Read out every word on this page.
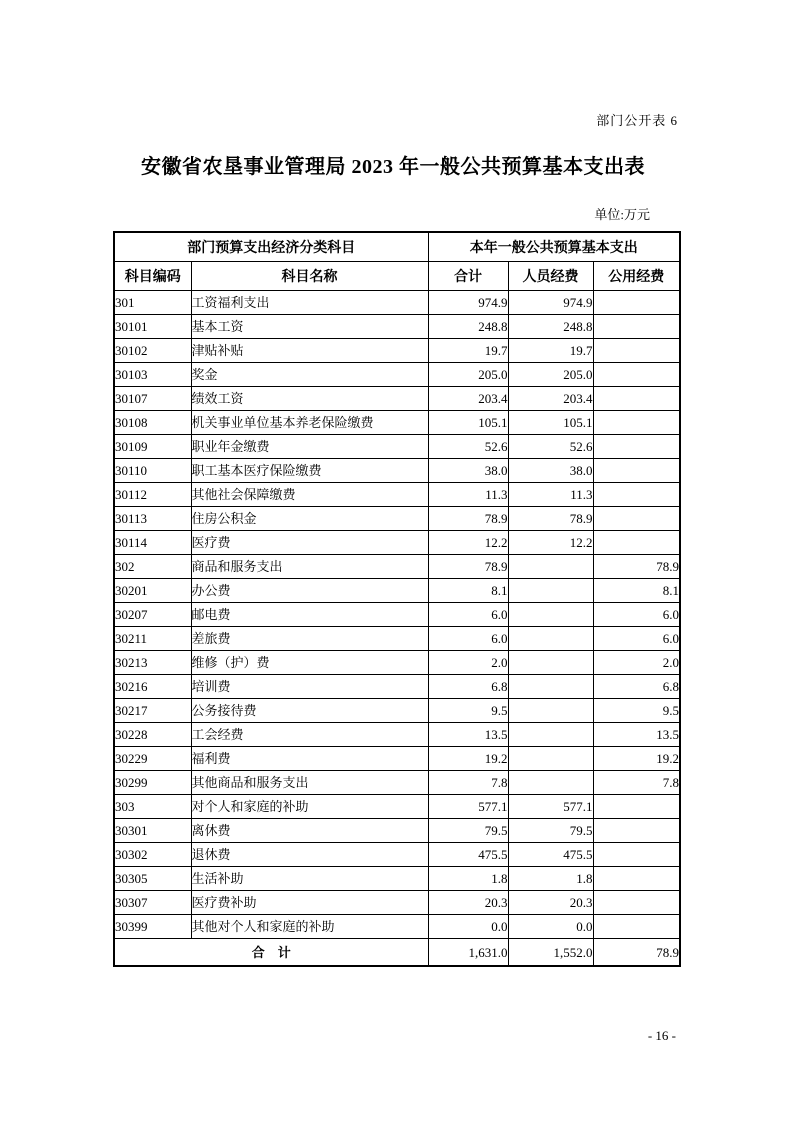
部门公开表 6
安徽省农垦事业管理局 2023 年一般公共预算基本支出表
单位:万元
部门预算支出经济分类科目		本年一般公共预算基本支出		
科目编码	科目名称	合计	人员经费	公用经费
301	工资福利支出	974.9	974.9	
30101	基本工资	248.8	248.8	
30102	津贴补贴	19.7	19.7	
30103	奖金	205.0	205.0	
30107	绩效工资	203.4	203.4	
30108	机关事业单位基本养老保险缴费	105.1	105.1	
30109	职业年金缴费	52.6	52.6	
30110	职工基本医疗保险缴费	38.0	38.0	
30112	其他社会保障缴费	11.3	11.3	
30113	住房公积金	78.9	78.9	
30114	医疗费	12.2	12.2	
302	商品和服务支出	78.9		78.9
30201	办公费	8.1		8.1
30207	邮电费	6.0		6.0
30211	差旅费	6.0		6.0
30213	维修（护）费	2.0		2.0
30216	培训费	6.8		6.8
30217	公务接待费	9.5		9.5
30228	工会经费	13.5		13.5
30229	福利费	19.2		19.2
30299	其他商品和服务支出	7.8		7.8
303	对个人和家庭的补助	577.1	577.1	
30301	离休费	79.5	79.5	
30302	退休费	475.5	475.5	
30305	生活补助	1.8	1.8	
30307	医疗费补助	20.3	20.3	
30399	其他对个人和家庭的补助	0.0	0.0	
合　计		1,631.0	1,552.0	78.9
- 16 -
